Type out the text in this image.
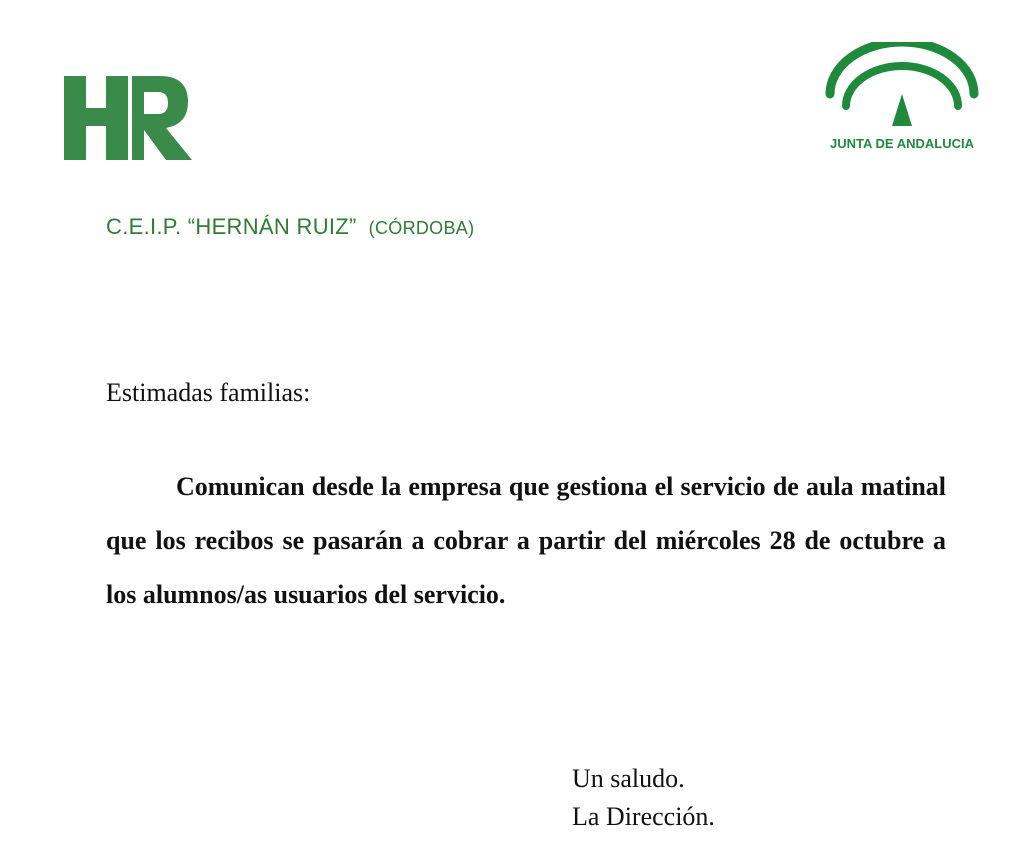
JUNTA DE ANDALUCIA
C.E.I.P. “HERNÁN RUIZ” (CÓRDOBA)
Estimadas familias:
Comunican desde la empresa que gestiona el servicio de aula matinal que los recibos se pasarán a cobrar a partir del miércoles 28 de octubre a los alumnos/as usuarios del servicio.
Un saludo.
La Dirección.
